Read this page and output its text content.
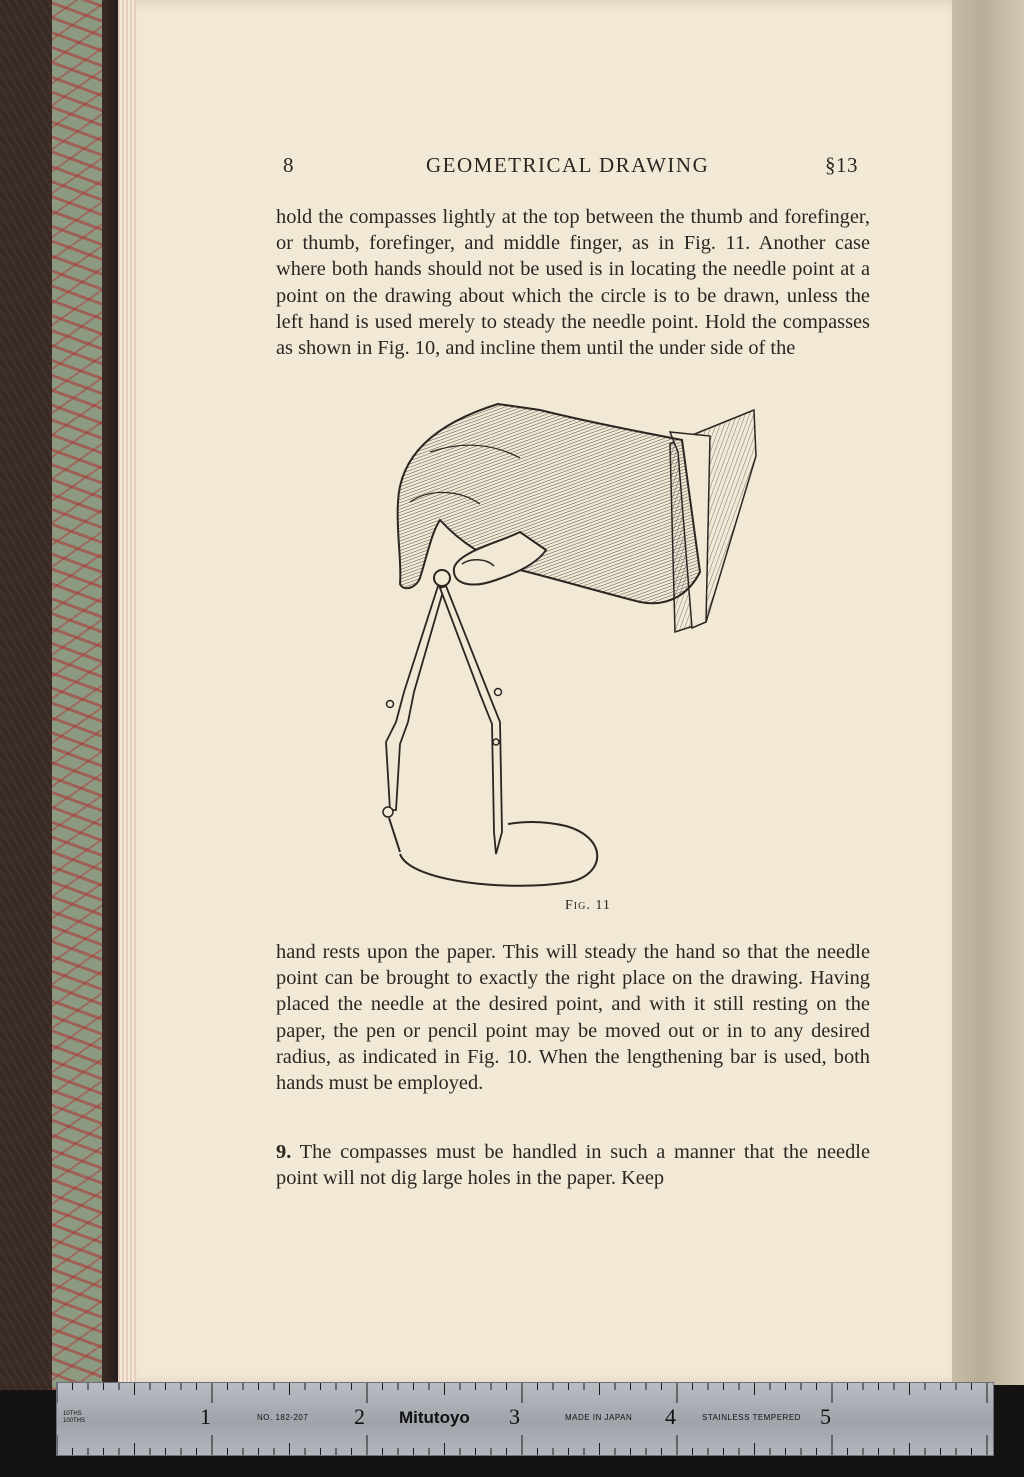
8	GEOMETRICAL DRAWING	§13

hold the compasses lightly at the top between the thumb and forefinger, or thumb, forefinger, and middle finger, as in Fig. 11. Another case where both hands should not be used is in locating the needle point at a point on the drawing about which the circle is to be drawn, unless the left hand is used merely to steady the needle point. Hold the compasses as shown in Fig. 10, and incline them until the under side of the

Fig. 11

hand rests upon the paper. This will steady the hand so that the needle point can be brought to exactly the right place on the drawing. Having placed the needle at the desired point, and with it still resting on the paper, the pen or pencil point may be moved out or in to any desired radius, as indicated in Fig. 10. When the lengthening bar is used, both hands must be employed.

9. The compasses must be handled in such a manner that the needle point will not dig large holes in the paper. Keep

10THS
100THS	1	NO. 182-207 2 Mitutoyo 3	MADE IN JAPAN 4	STAINLESS TEMPERED 5
